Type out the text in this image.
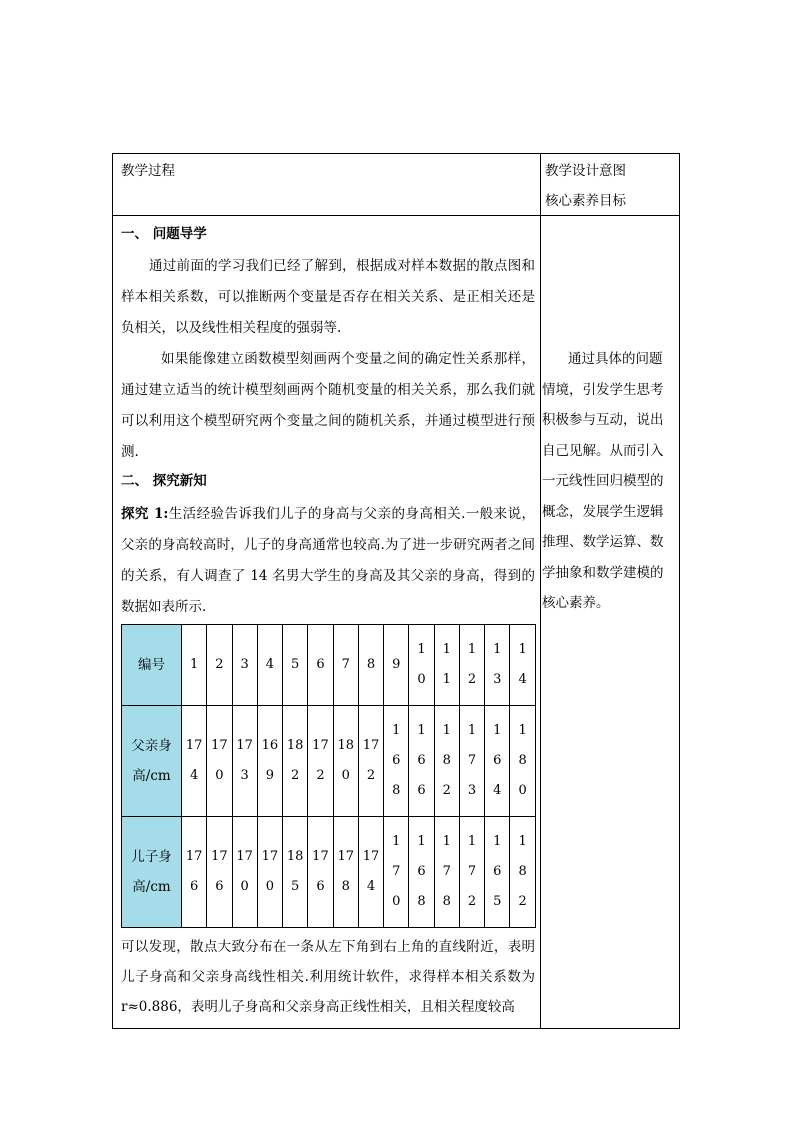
教学过程	教学设计意图
核心素养目标
一、 问题导学
通过前面的学习我们已经了解到，根据成对样本数据的散点图和样本相关系数，可以推断两个变量是否存在相关关系、是正相关还是负相关，以及线性相关程度的强弱等.
如果能像建立函数模型刻画两个变量之间的确定性关系那样，通过建立适当的统计模型刻画两个随机变量的相关关系，那么我们就可以利用这个模型研究两个变量之间的随机关系，并通过模型进行预测.
二、 探究新知
探究 1:生活经验告诉我们儿子的身高与父亲的身高相关.一般来说，父亲的身高较高时，儿子的身高通常也较高.为了进一步研究两者之间的关系，有人调查了 14 名男大学生的身高及其父亲的身高，得到的数据如表所示.
编号	1	2	3	4	5	6	7	8	9	10	11	12	13	14
父亲身高/cm	174	170	173	169	182	172	180	172	168	166	182	173	164	180
儿子身高/cm	176	176	170	170	185	176	178	174	170	168	178	172	165	182
可以发现，散点大致分布在一条从左下角到右上角的直线附近，表明儿子身高和父亲身高线性相关.利用统计软件，求得样本相关系数为 r≈0.886，表明儿子身高和父亲身高正线性相关，且相关程度较高
通过具体的问题情境，引发学生思考积极参与互动，说出自己见解。从而引入一元线性回归模型的概念，发展学生逻辑推理、数学运算、数学抽象和数学建模的核心素养。
